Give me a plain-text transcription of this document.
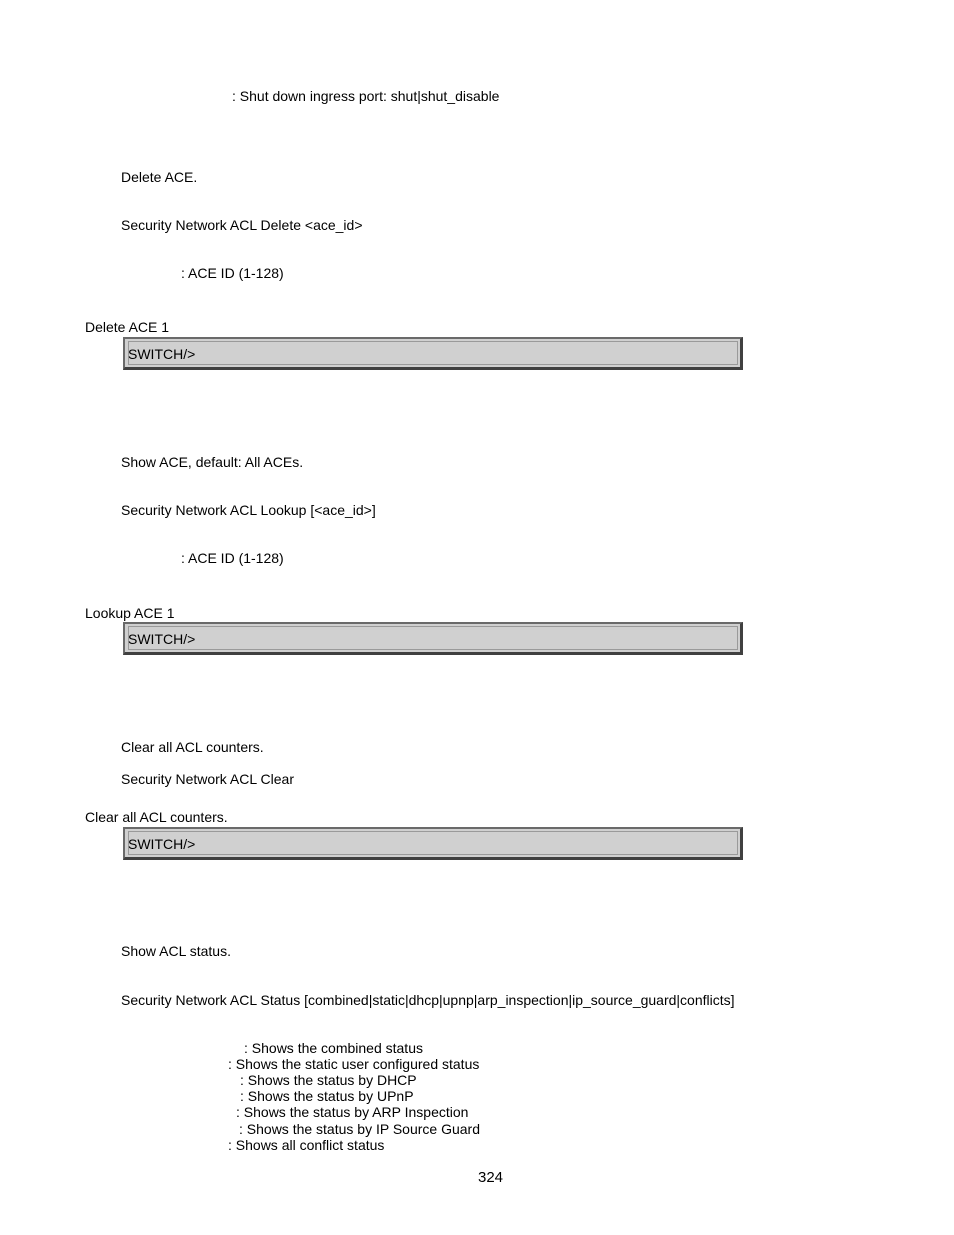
: Shut down ingress port: shut|shut_disable
Delete ACE.
Security Network ACL Delete <ace_id>
: ACE ID (1-128)
Delete ACE 1
SWITCH/>
Show ACE, default: All ACEs.
Security Network ACL Lookup [<ace_id>]
: ACE ID (1-128)
Lookup ACE 1
SWITCH/>
Clear all ACL counters.
Security Network ACL Clear
Clear all ACL counters.
SWITCH/>
Show ACL status.
Security Network ACL Status [combined|static|dhcp|upnp|arp_inspection|ip_source_guard|conflicts]
: Shows the combined status
: Shows the static user configured status
: Shows the status by DHCP
: Shows the status by UPnP
: Shows the status by ARP Inspection
: Shows the status by IP Source Guard
: Shows all conflict status
324
